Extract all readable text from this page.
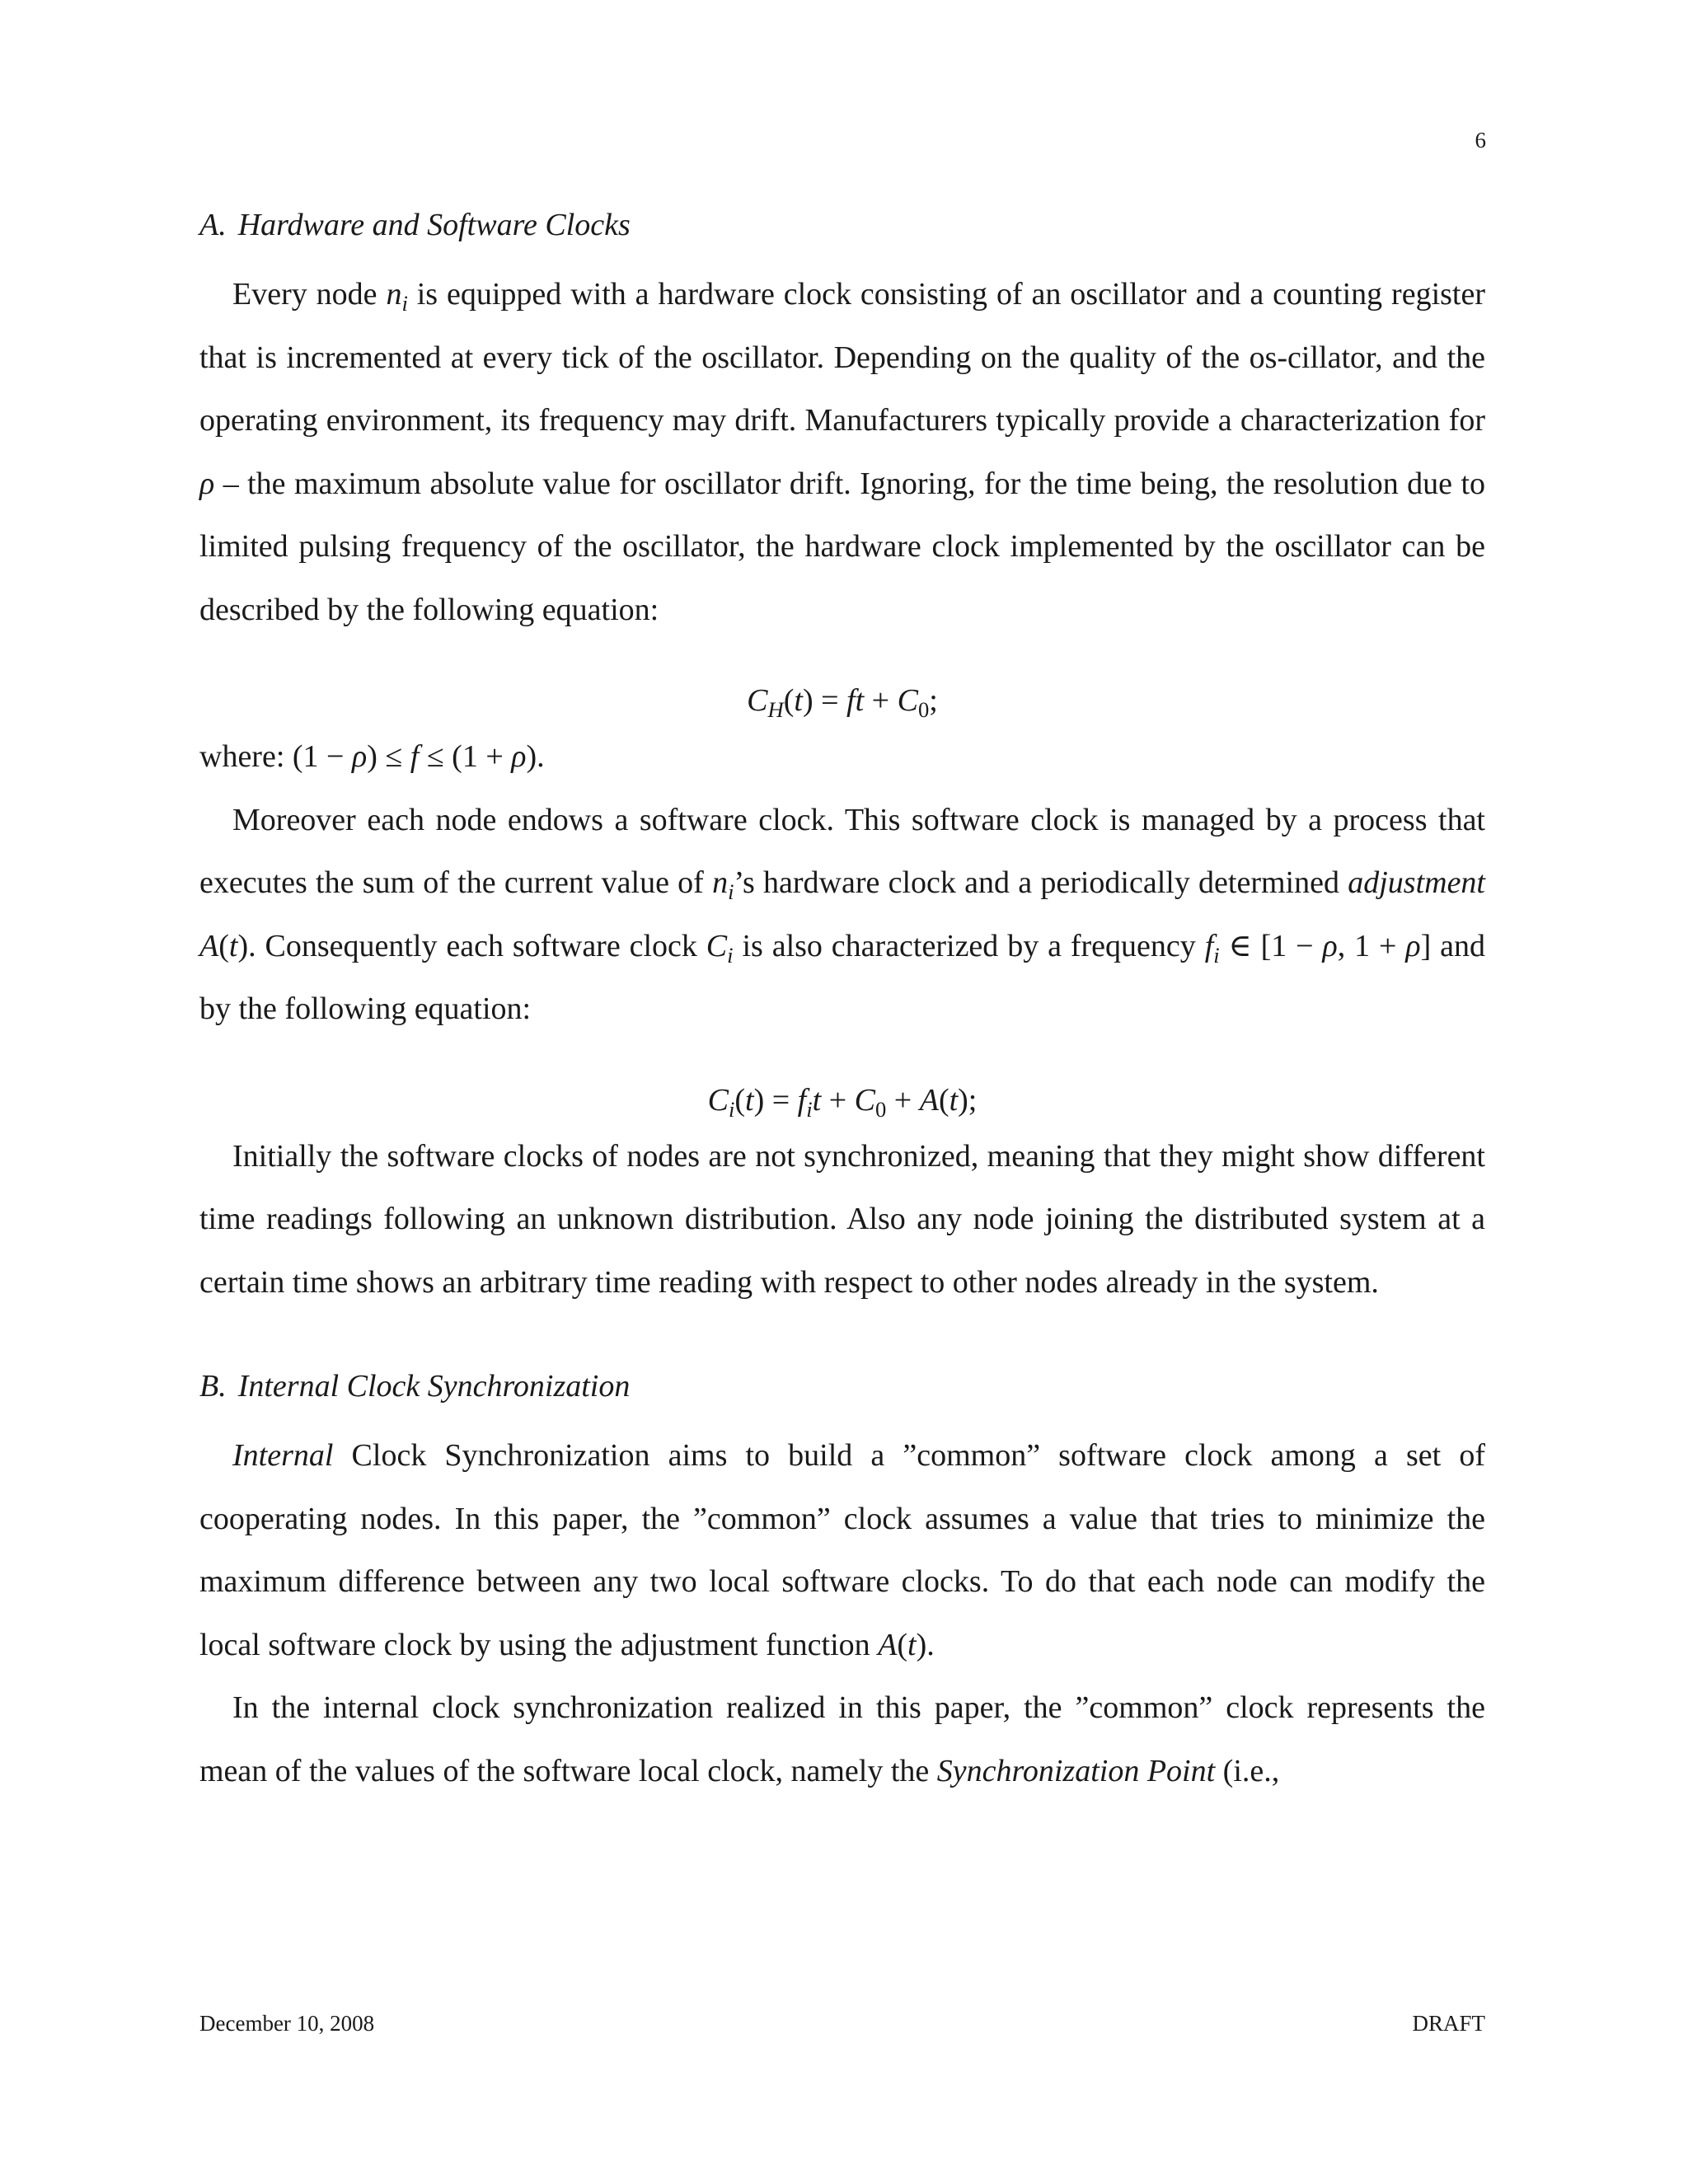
6
A. Hardware and Software Clocks

Every node $n_i$ is equipped with a hardware clock consisting of an oscillator and a counting register that is incremented at every tick of the oscillator. Depending on the quality of the os-cillator, and the operating environment, its frequency may drift. Manufacturers typically provide a characterization for ρ – the maximum absolute value for oscillator drift. Ignoring, for the time being, the resolution due to limited pulsing frequency of the oscillator, the hardware clock implemented by the oscillator can be described by the following equation:

$C_H(t)$ = ft + $C_0$;

where: (1 − ρ) ≤ f ≤ (1 + ρ).

Moreover each node endows a software clock. This software clock is managed by a process that executes the sum of the current value of $n_i’s$ hardware clock and a periodically determined adjustment A(t). Consequently each software clock $C_i$ is also characterized by a frequency $f_i$ ∈ [1 − ρ, 1 + ρ] and by the following equation:

$C_i(t) = f_it + C_0 + A(t)$;

Initially the software clocks of nodes are not synchronized, meaning that they might show different time readings following an unknown distribution. Also any node joining the distributed system at a certain time shows an arbitrary time reading with respect to other nodes already in the system.

B. Internal Clock Synchronization

Internal Clock Synchronization aims to build a ”common” software clock among a set of cooperating nodes. In this paper, the ”common” clock assumes a value that tries to minimize the maximum difference between any two local software clocks. To do that each node can modify the local software clock by using the adjustment function A(t).

In the internal clock synchronization realized in this paper, the ”common” clock represents the mean of the values of the software local clock, namely the Synchronization Point (i.e.,

December 10, 2008	DRAFT
